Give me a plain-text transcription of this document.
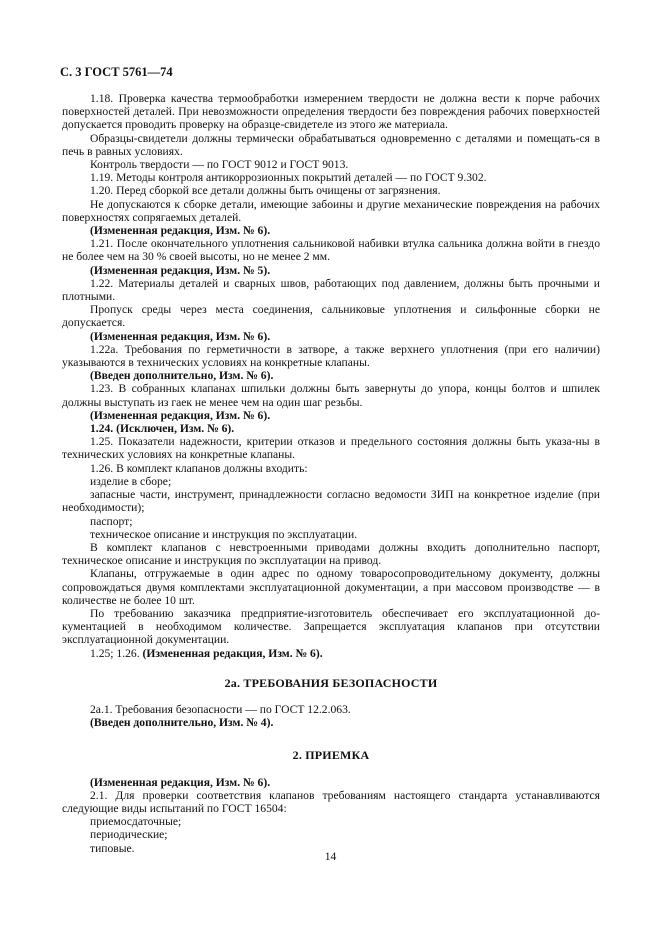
С. 3 ГОСТ 5761—74

1.18. Проверка качества термообработки измерением твердости не должна вести к порче рабочих поверхностей деталей. При невозможности определения твердости без повреждения рабочих поверхностей допускается проводить проверку на образце-свидетеле из этого же материала.

Образцы-свидетели должны термически обрабатываться одновременно с деталями и помещать-ся в печь в равных условиях.

Контроль твердости — по ГОСТ 9012 и ГОСТ 9013.

1.19. Методы контроля антикоррозионных покрытий деталей — по ГОСТ 9.302.

1.20. Перед сборкой все детали должны быть очищены от загрязнения.

Не допускаются к сборке детали, имеющие забоины и другие механические повреждения на рабочих поверхностях сопрягаемых деталей.

(Измененная редакция, Изм. № 6).

1.21. После окончательного уплотнения сальниковой набивки втулка сальника должна войти в гнездо не более чем на 30 % своей высоты, но не менее 2 мм.

(Измененная редакция, Изм. № 5).

1.22. Материалы деталей и сварных швов, работающих под давлением, должны быть прочными и плотными.

Пропуск среды через места соединения, сальниковые уплотнения и сильфонные сборки не допускается.

(Измененная редакция, Изм. № 6).

1.22а. Требования по герметичности в затворе, а также верхнего уплотнения (при его наличии) указываются в технических условиях на конкретные клапаны.

(Введен дополнительно, Изм. № 6).

1.23. В собранных клапанах шпильки должны быть завернуты до упора, концы болтов и шпилек должны выступать из гаек не менее чем на один шаг резьбы.

(Измененная редакция, Изм. № 6).

1.24. (Исключен, Изм. № 6).

1.25. Показатели надежности, критерии отказов и предельного состояния должны быть указа-ны в технических условиях на конкретные клапаны.

1.26. В комплект клапанов должны входить:

изделие в сборе;

запасные части, инструмент, принадлежности согласно ведомости ЗИП на конкретное изделие (при необходимости);

паспорт;

техническое описание и инструкция по эксплуатации.

В комплект клапанов с невстроенными приводами должны входить дополнительно паспорт, техническое описание и инструкция по эксплуатации на привод.

Клапаны, отгружаемые в один адрес по одному товаросопроводительному документу, должны сопровождаться двумя комплектами эксплуатационной документации, а при массовом производстве — в количестве не более 10 шт.

По требованию заказчика предприятие-изготовитель обеспечивает его эксплуатационной до-кументацией в необходимом количестве. Запрещается эксплуатация клапанов при отсутствии эксплуатационной документации.

1.25; 1.26. (Измененная редакция, Изм. № 6).

2а. ТРЕБОВАНИЯ БЕЗОПАСНОСТИ

2а.1. Требования безопасности — по ГОСТ 12.2.063.

(Введен дополнительно, Изм. № 4).

2. ПРИЕМКА

(Измененная редакция, Изм. № 6).

2.1. Для проверки соответствия клапанов требованиям настоящего стандарта устанавливаются следующие виды испытаний по ГОСТ 16504:

приемосдаточные;

периодические;

типовые.

14
